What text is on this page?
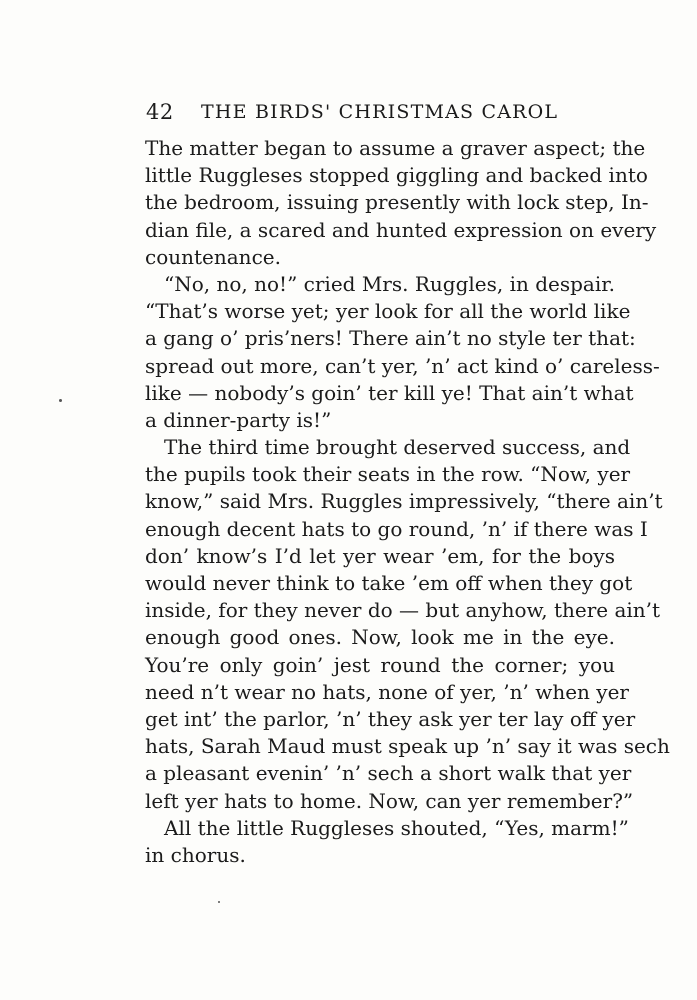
42 THE BIRDS' CHRISTMAS CAROL
The matter began to assume a graver aspect; the
little Ruggleses stopped giggling and backed into
the bedroom, issuing presently with lock step, In-
dian file, a scared and hunted expression on every
countenance.
“No, no, no!” cried Mrs. Ruggles, in despair.
“That’s worse yet; yer look for all the world like
a gang o’ pris’ners! There ain’t no style ter that:
spread out more, can’t yer, ’n’ act kind o’ careless-
like — nobody’s goin’ ter kill ye! That ain’t what
a dinner-party is!”
The third time brought deserved success, and
the pupils took their seats in the row. “Now, yer
know,” said Mrs. Ruggles impressively, “there ain’t
enough decent hats to go round, ’n’ if there was I
don’ know’s I’d let yer wear ’em, for the boys
would never think to take ’em off when they got
inside, for they never do — but anyhow, there ain’t
enough good ones. Now, look me in the eye.
You’re only goin’ jest round the corner; you
need n’t wear no hats, none of yer, ’n’ when yer
get int’ the parlor, ’n’ they ask yer ter lay off yer
hats, Sarah Maud must speak up ’n’ say it was sech
a pleasant evenin’ ’n’ sech a short walk that yer
left yer hats to home. Now, can yer remember?”
All the little Ruggleses shouted, “Yes, marm!”
in chorus.
